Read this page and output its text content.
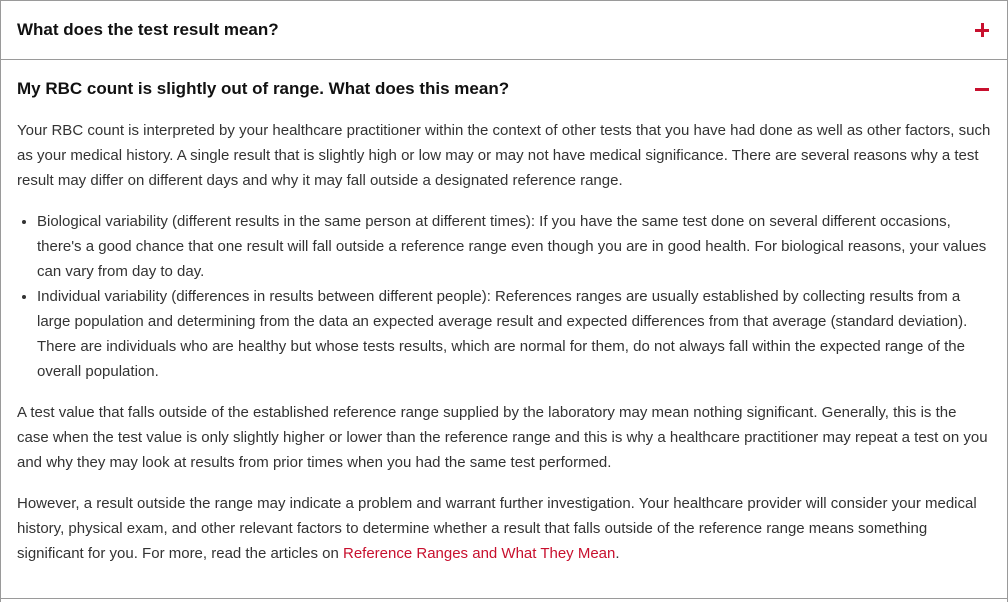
What does the test result mean?
My RBC count is slightly out of range. What does this mean?

Your RBC count is interpreted by your healthcare practitioner within the context of other tests that you have had done as well as other factors, such as your medical history. A single result that is slightly high or low may or may not have medical significance. There are several reasons why a test result may differ on different days and why it may fall outside a designated reference range.

• Biological variability (different results in the same person at different times): If you have the same test done on several different occasions, there's a good chance that one result will fall outside a reference range even though you are in good health. For biological reasons, your values can vary from day to day.
• Individual variability (differences in results between different people): References ranges are usually established by collecting results from a large population and determining from the data an expected average result and expected differences from that average (standard deviation). There are individuals who are healthy but whose tests results, which are normal for them, do not always fall within the expected range of the overall population.

A test value that falls outside of the established reference range supplied by the laboratory may mean nothing significant. Generally, this is the case when the test value is only slightly higher or lower than the reference range and this is why a healthcare practitioner may repeat a test on you and why they may look at results from prior times when you had the same test performed.

However, a result outside the range may indicate a problem and warrant further investigation. Your healthcare provider will consider your medical history, physical exam, and other relevant factors to determine whether a result that falls outside of the reference range means something significant for you. For more, read the articles on Reference Ranges and What They Mean.
